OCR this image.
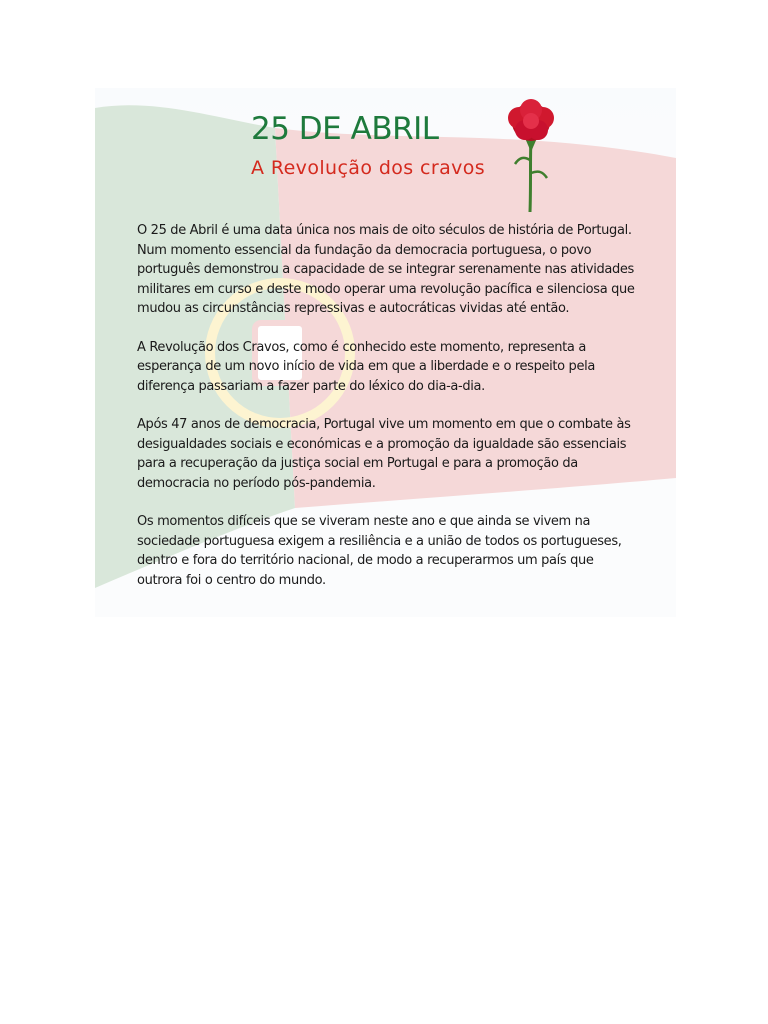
25 DE ABRIL
A Revolução dos cravos

O 25 de Abril é uma data única nos mais de oito séculos de história de Portugal. Num momento essencial da fundação da democracia portuguesa, o povo português demonstrou a capacidade de se integrar serenamente nas atividades militares em curso e deste modo operar uma revolução pacífica e silenciosa que mudou as circunstâncias repressivas e autocráticas vividas até então.

A Revolução dos Cravos, como é conhecido este momento, representa a esperança de um novo início de vida em que a liberdade e o respeito pela diferença passariam a fazer parte do léxico do dia-a-dia.

Após 47 anos de democracia, Portugal vive um momento em que o combate às desigualdades sociais e económicas e a promoção da igualdade são essenciais para a recuperação da justiça social em Portugal e para a promoção da democracia no período pós-pandemia.

Os momentos difíceis que se viveram neste ano e que ainda se vivem na sociedade portuguesa exigem a resiliência e a união de todos os portugueses, dentro e fora do território nacional, de modo a recuperarmos um país que outrora foi o centro do mundo.
